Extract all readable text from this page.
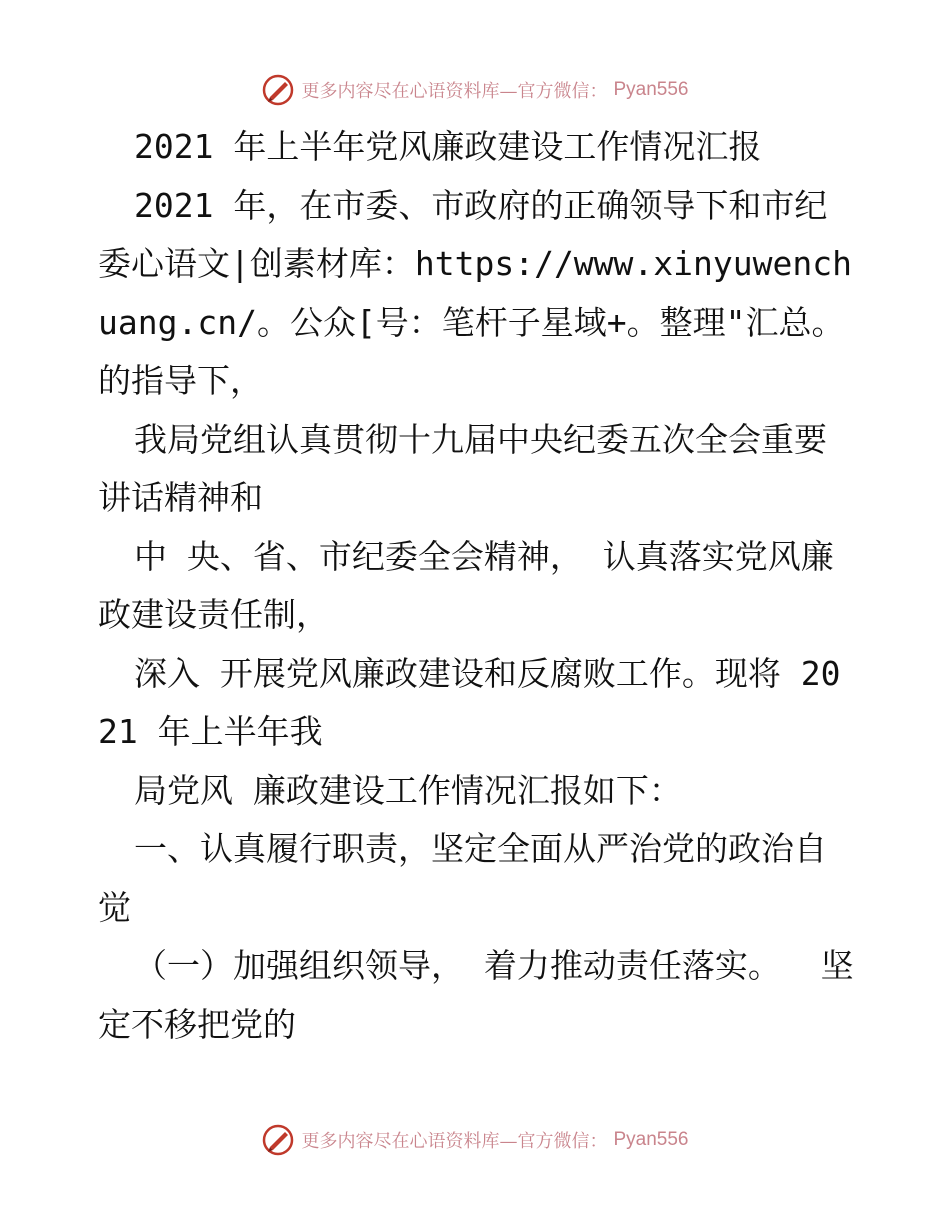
更多内容尽在心语资料库—官方微信： Pyan556

2021 年上半年党风廉政建设工作情况汇报

2021 年，在市委、市政府的正确领导下和市纪委心语文|创素材库：https://www.xinyuwenchuang.cn/。公众[号：笔杆子星域+。整理"汇总。的指导下，

我局党组认真贯彻十九届中央纪委五次全会重要讲话精神和

中 央、省、市纪委全会精神， 认真落实党风廉政建设责任制，

深入 开展党风廉政建设和反腐败工作。现将 2021 年上半年我

局党风 廉政建设工作情况汇报如下：

一、认真履行职责，坚定全面从严治党的政治自觉

（一）加强组织领导， 着力推动责任落实。  坚定不移把党的

更多内容尽在心语资料库—官方微信： Pyan556
